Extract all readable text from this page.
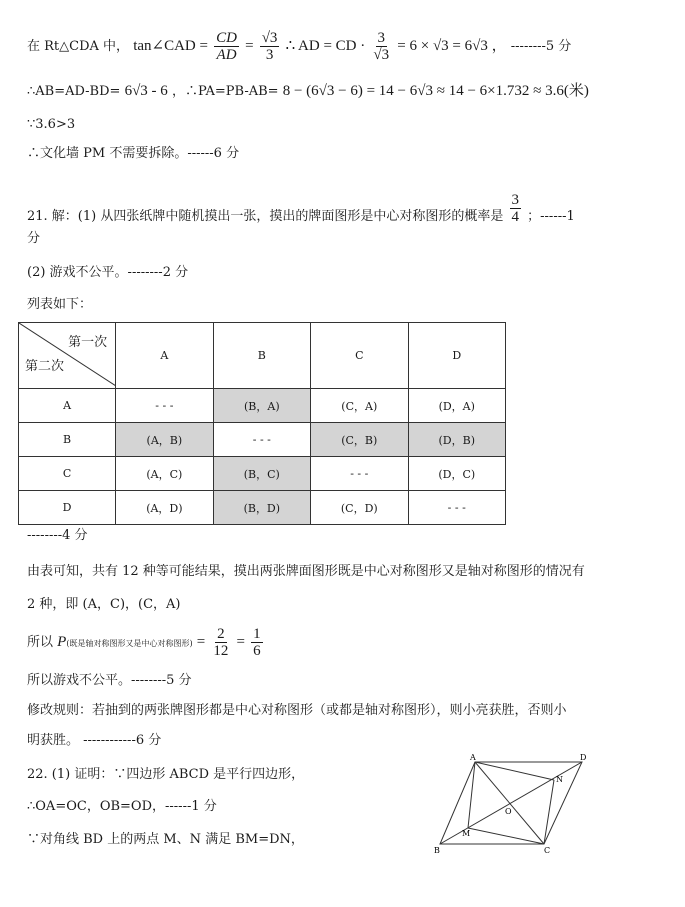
在 Rt△CDA 中， tan∠CAD = $\frac{CD}{AD} = \frac{√3}{3}$ ∴ AD = CD · $\frac{3}{√3} = 6 \times √3 = 6√3$ ， --------5 分
∴AB=AD-BD= 6√3 - 6 ，∴PA=PB-AB= 8 − (6√3 − 6) = 14 − 6√3 ≈ 14 − 6×1.732 ≈ 3.6(米)
∵3.6>3
∴文化墙 PM 不需要拆除。------6 分
21. 解：(1) 从四张纸牌中随机摸出一张，摸出的牌面图形是中心对称图形的概率是 $\frac{3}{4}$ ；------1
分
(2) 游戏不公平。--------2 分
列表如下：
第一次
第二次	A	B	C	D
A	- - -	(B，A)	(C，A)	(D，A)
B	(A，B)	- - -	(C，B)	(D，B)
C	(A，C)	(B，C)	- - -	(D，C)
D	(A，D)	(B，D)	(C，D)	- - -
--------4 分
由表可知，共有 12 种等可能结果，摸出两张牌面图形既是中心对称图形又是轴对称图形的情况有
2 种，即 (A，C)，(C，A)
所以 P(既是轴对称图形又是中心对称图形) = $\frac{2}{12} = \frac{1}{6}$
所以游戏不公平。--------5 分
修改规则：若抽到的两张牌图形都是中心对称图形（或都是轴对称图形），则小亮获胜，否则小
明获胜。 ------------6 分
22. (1) 证明：∵四边形 ABCD 是平行四边形，
∴OA=OC，OB=OD，------1 分
∵对角线 BD 上的两点 M、N 满足 BM=DN，
A	D
B	C
N
M
O
